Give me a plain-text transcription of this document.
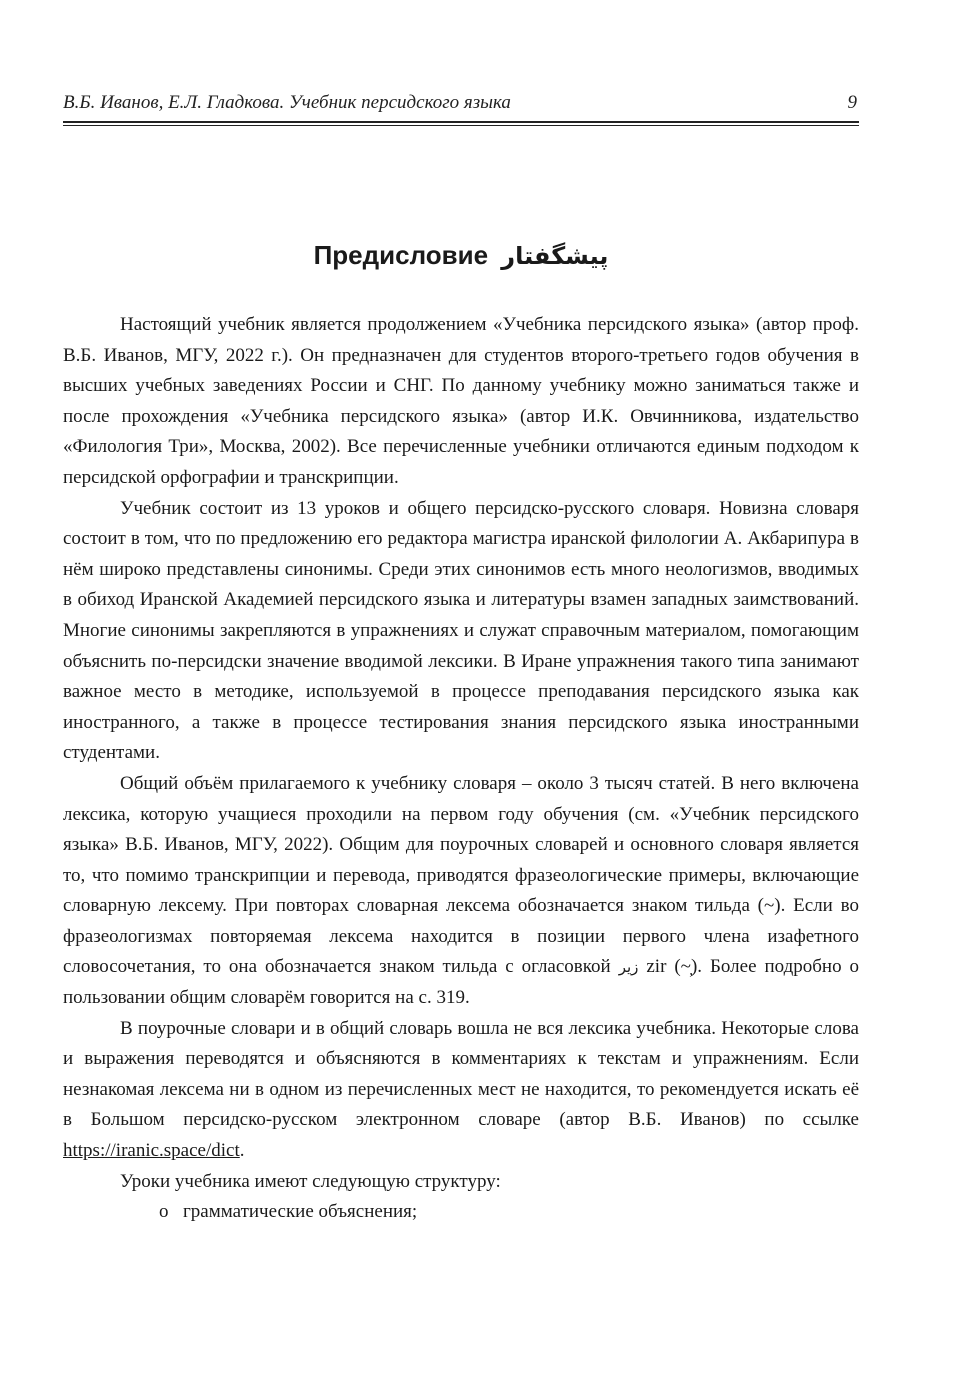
В.Б. Иванов, Е.Л. Гладкова. Учебник персидского языка	9
Предисловие پیشگفتار

Настоящий учебник является продолжением «Учебника персидского языка» (автор проф. В.Б. Иванов, МГУ, 2022 г.). Он предназначен для студентов второго-третьего годов обучения в высших учебных заведениях России и СНГ. По данному учебнику можно заниматься также и после прохождения «Учебника персидского языка» (автор И.К. Овчинникова, издательство «Филология Три», Москва, 2002). Все перечисленные учебники отличаются единым подходом к персидской орфографии и транскрипции.

Учебник состоит из 13 уроков и общего персидско-русского словаря. Новизна словаря состоит в том, что по предложению его редактора магистра иранской филологии А. Акбарипура в нём широко представлены синонимы. Среди этих синонимов есть много неологизмов, вводимых в обиход Иранской Академией персидского языка и литературы взамен западных заимствований. Многие синонимы закрепляются в упражнениях и служат справочным материалом, помогающим объяснить по-персидски значение вводимой лексики. В Иране упражнения такого типа занимают важное место в методике, используемой в процессе преподавания персидского языка как иностранного, а также в процессе тестирования знания персидского языка иностранными студентами.

Общий объём прилагаемого к учебнику словаря – около 3 тысяч статей. В него включена лексика, которую учащиеся проходили на первом году обучения (см. «Учебник персидского языка» В.Б. Иванов, МГУ, 2022). Общим для поурочных словарей и основного словаря является то, что помимо транскрипции и перевода, приводятся фразеологические примеры, включающие словарную лексему. При повторах словарная лексема обозначается знаком тильда (~). Если во фразеологизмах повторяемая лексема находится в позиции первого члена изафетного словосочетания, то она обозначается знаком тильда с огласовкой زیر zir (~̦). Более подробно о пользовании общим словарём говорится на с. 319.

В поурочные словари и в общий словарь вошла не вся лексика учебника. Некоторые слова и выражения переводятся и объясняются в комментариях к текстам и упражнениям. Если незнакомая лексема ни в одном из перечисленных мест не находится, то рекомендуется искать её в Большом персидско-русском электронном словаре (автор В.Б. Иванов) по ссылке https://iranic.space/dict.

Уроки учебника имеют следующую структуру:

o грамматические объяснения;
